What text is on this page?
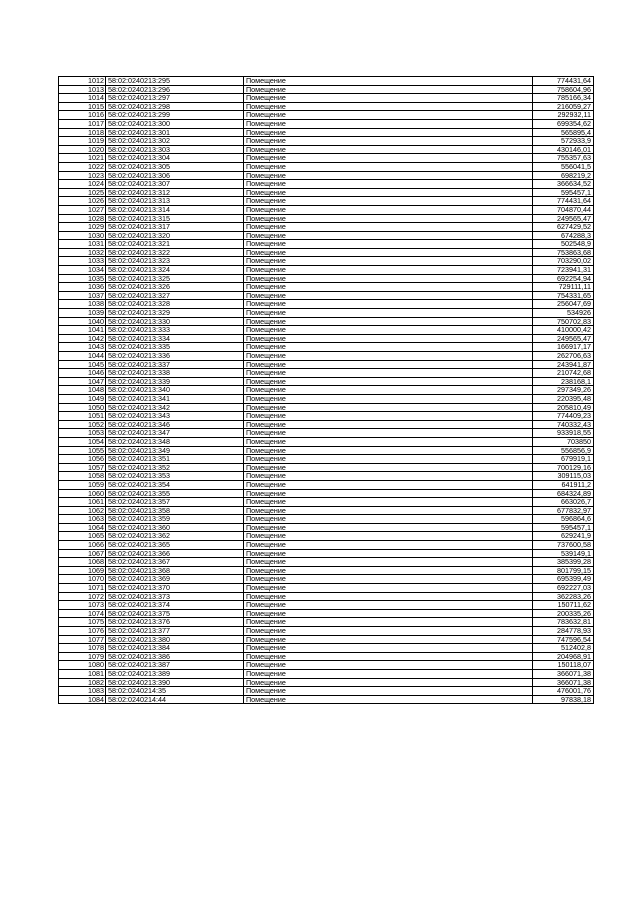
1012	58:02:0240213:295	Помещение	774431,64
1013	58:02:0240213:296	Помещение	758604,96
1014	58:02:0240213:297	Помещение	785166,34
1015	58:02:0240213:298	Помещение	216059,27
1016	58:02:0240213:299	Помещение	292932,11
1017	58:02:0240213:300	Помещение	699354,62
1018	58:02:0240213:301	Помещение	565895,4
1019	58:02:0240213:302	Помещение	572933,9
1020	58:02:0240213:303	Помещение	430146,01
1021	58:02:0240213:304	Помещение	755357,63
1022	58:02:0240213:305	Помещение	556041,5
1023	58:02:0240213:306	Помещение	698219,2
1024	58:02:0240213:307	Помещение	366634,52
1025	58:02:0240213:312	Помещение	595457,1
1026	58:02:0240213:313	Помещение	774431,64
1027	58:02:0240213:314	Помещение	704870,44
1028	58:02:0240213:315	Помещение	249565,47
1029	58:02:0240213:317	Помещение	627429,52
1030	58:02:0240213:320	Помещение	674288,3
1031	58:02:0240213:321	Помещение	502548,9
1032	58:02:0240213:322	Помещение	753863,68
1033	58:02:0240213:323	Помещение	703290,02
1034	58:02:0240213:324	Помещение	723941,31
1035	58:02:0240213:325	Помещение	692254,94
1036	58:02:0240213:326	Помещение	729111,11
1037	58:02:0240213:327	Помещение	754331,65
1038	58:02:0240213:328	Помещение	256047,69
1039	58:02:0240213:329	Помещение	534926
1040	58:02:0240213:330	Помещение	750702,83
1041	58:02:0240213:333	Помещение	410000,42
1042	58:02:0240213:334	Помещение	249565,47
1043	58:02:0240213:335	Помещение	166917,17
1044	58:02:0240213:336	Помещение	262706,63
1045	58:02:0240213:337	Помещение	243941,87
1046	58:02:0240213:338	Помещение	210742,68
1047	58:02:0240213:339	Помещение	238168,1
1048	58:02:0240213:340	Помещение	297349,26
1049	58:02:0240213:341	Помещение	220395,48
1050	58:02:0240213:342	Помещение	205810,49
1051	58:02:0240213:343	Помещение	774409,23
1052	58:02:0240213:346	Помещение	740332,43
1053	58:02:0240213:347	Помещение	933918,55
1054	58:02:0240213:348	Помещение	703850
1055	58:02:0240213:349	Помещение	556856,9
1056	58:02:0240213:351	Помещение	679919,1
1057	58:02:0240213:352	Помещение	700129,16
1058	58:02:0240213:353	Помещение	309115,03
1059	58:02:0240213:354	Помещение	641911,2
1060	58:02:0240213:355	Помещение	684324,89
1061	58:02:0240213:357	Помещение	663026,7
1062	58:02:0240213:358	Помещение	677832,97
1063	58:02:0240213:359	Помещение	596864,6
1064	58:02:0240213:360	Помещение	595457,1
1065	58:02:0240213:362	Помещение	629241,9
1066	58:02:0240213:365	Помещение	737600,58
1067	58:02:0240213:366	Помещение	539149,1
1068	58:02:0240213:367	Помещение	385399,28
1069	58:02:0240213:368	Помещение	801799,15
1070	58:02:0240213:369	Помещение	695399,49
1071	58:02:0240213:370	Помещение	692227,03
1072	58:02:0240213:373	Помещение	362283,26
1073	58:02:0240213:374	Помещение	150711,62
1074	58:02:0240213:375	Помещение	200335,26
1075	58:02:0240213:376	Помещение	783632,81
1076	58:02:0240213:377	Помещение	284778,93
1077	58:02:0240213:380	Помещение	747596,54
1078	58:02:0240213:384	Помещение	512402,8
1079	58:02:0240213:386	Помещение	204968,91
1080	58:02:0240213:387	Помещение	150118,07
1081	58:02:0240213:389	Помещение	366071,38
1082	58:02:0240213:390	Помещение	366071,38
1083	58:02:0240214:35	Помещение	476001,76
1084	58:02:0240214:44	Помещение	97838,18
